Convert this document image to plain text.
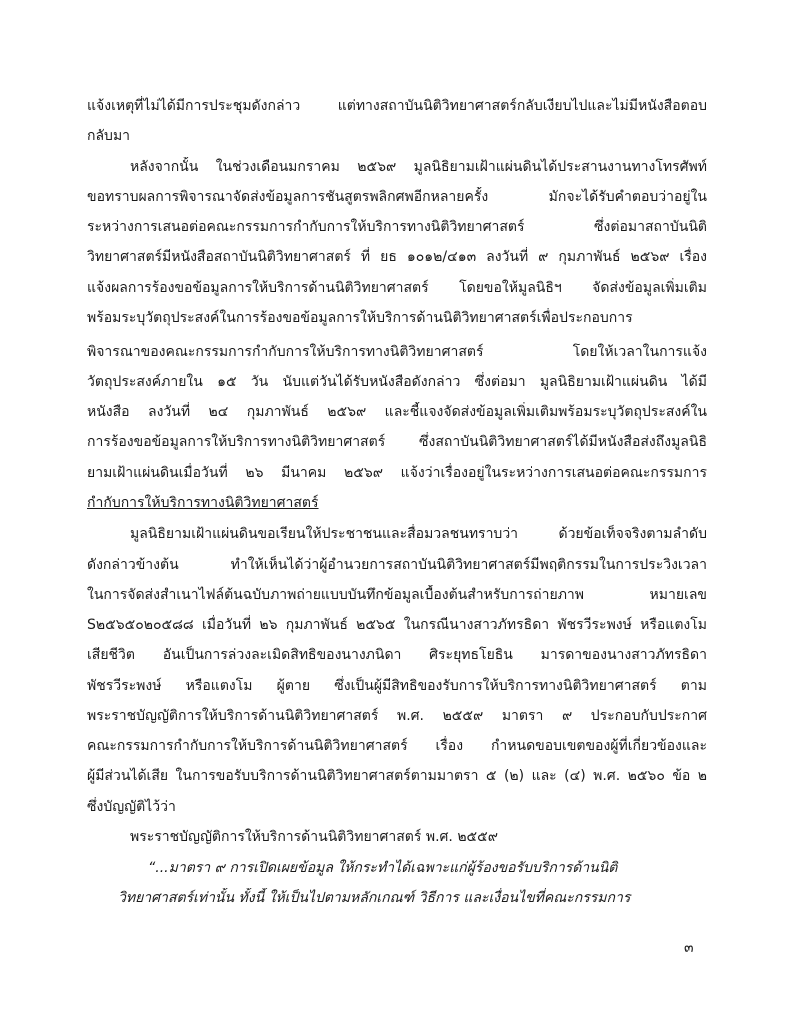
แจ้งเหตุที่ไม่ได้มีการประชุมดังกล่าว แต่ทางสถาบันนิติวิทยาศาสตร์กลับเงียบไปและไม่มีหนังสือตอบ
กลับมา
หลังจากนั้น ในช่วงเดือนมกราคม ๒๕๖๙ มูลนิธิยามเฝ้าแผ่นดินได้ประสานงานทางโทรศัพท์
ขอทราบผลการพิจารณาจัดส่งข้อมูลการชันสูตรพลิกศพอีกหลายครั้ง มักจะได้รับคำตอบว่าอยู่ใน
ระหว่างการเสนอต่อคณะกรรมการกำกับการให้บริการทางนิติวิทยาศาสตร์ ซึ่งต่อมาสถาบันนิติ
วิทยาศาสตร์มีหนังสือสถาบันนิติวิทยาศาสตร์ ที่ ยธ ๑๐๑๒/๔๑๓ ลงวันที่ ๙ กุมภาพันธ์ ๒๕๖๙ เรื่อง
แจ้งผลการร้องขอข้อมูลการให้บริการด้านนิติวิทยาศาสตร์ โดยขอให้มูลนิธิฯ จัดส่งข้อมูลเพิ่มเติม
พร้อมระบุวัตถุประสงค์ในการร้องขอข้อมูลการให้บริการด้านนิติวิทยาศาสตร์เพื่อประกอบการ
พิจารณาของคณะกรรมการกำกับการให้บริการทางนิติวิทยาศาสตร์ โดยให้เวลาในการแจ้ง
วัตถุประสงค์ภายใน ๑๕ วัน นับแต่วันได้รับหนังสือดังกล่าว ซึ่งต่อมา มูลนิธิยามเฝ้าแผ่นดิน ได้มี
หนังสือ ลงวันที่ ๒๔ กุมภาพันธ์ ๒๕๖๙ และชี้แจงจัดส่งข้อมูลเพิ่มเติมพร้อมระบุวัตถุประสงค์ใน
การร้องขอข้อมูลการให้บริการทางนิติวิทยาศาสตร์ ซึ่งสถาบันนิติวิทยาศาสตร์ได้มีหนังสือส่งถึงมูลนิธิ
ยามเฝ้าแผ่นดินเมื่อวันที่ ๒๖ มีนาคม ๒๕๖๙ แจ้งว่าเรื่องอยู่ในระหว่างการเสนอต่อคณะกรรมการ
กำกับการให้บริการทางนิติวิทยาศาสตร์
มูลนิธิยามเฝ้าแผ่นดินขอเรียนให้ประชาชนและสื่อมวลชนทราบว่า ด้วยข้อเท็จจริงตามลำดับ
ดังกล่าวข้างต้น ทำให้เห็นได้ว่าผู้อำนวยการสถาบันนิติวิทยาศาสตร์มีพฤติกรรมในการประวิงเวลา
ในการจัดส่งสำเนาไฟล์ต้นฉบับภาพถ่ายแบบบันทึกข้อมูลเบื้องต้นสำหรับการถ่ายภาพ หมายเลข
S๒๕๖๕๐๒๐๕๘๘ เมื่อวันที่ ๒๖ กุมภาพันธ์ ๒๕๖๕ ในกรณีนางสาวภัทรธิดา พัชรวีระพงษ์ หรือแตงโม
เสียชีวิต อันเป็นการล่วงละเมิดสิทธิของนางภนิดา ศิระยุทธโยธิน มารดาของนางสาวภัทรธิดา
พัชรวีระพงษ์ หรือแตงโม ผู้ตาย ซึ่งเป็นผู้มีสิทธิของรับการให้บริการทางนิติวิทยาศาสตร์ ตาม
พระราชบัญญัติการให้บริการด้านนิติวิทยาศาสตร์ พ.ศ. ๒๕๕๙ มาตรา ๙ ประกอบกับประกาศ
คณะกรรมการกำกับการให้บริการด้านนิติวิทยาศาสตร์ เรื่อง กำหนดขอบเขตของผู้ที่เกี่ยวข้องและ
ผู้มีส่วนได้เสีย ในการขอรับบริการด้านนิติวิทยาศาสตร์ตามมาตรา ๕ (๒) และ (๔) พ.ศ. ๒๕๖๐ ข้อ ๒
ซึ่งบัญญัติไว้ว่า
พระราชบัญญัติการให้บริการด้านนิติวิทยาศาสตร์ พ.ศ. ๒๕๕๙
“...มาตรา ๙ การเปิดเผยข้อมูล ให้กระทำได้เฉพาะแก่ผู้ร้องขอรับบริการด้านนิติ
วิทยาศาสตร์เท่านั้น ทั้งนี้ ให้เป็นไปตามหลักเกณฑ์ วิธีการ และเงื่อนไขที่คณะกรรมการ
๓
